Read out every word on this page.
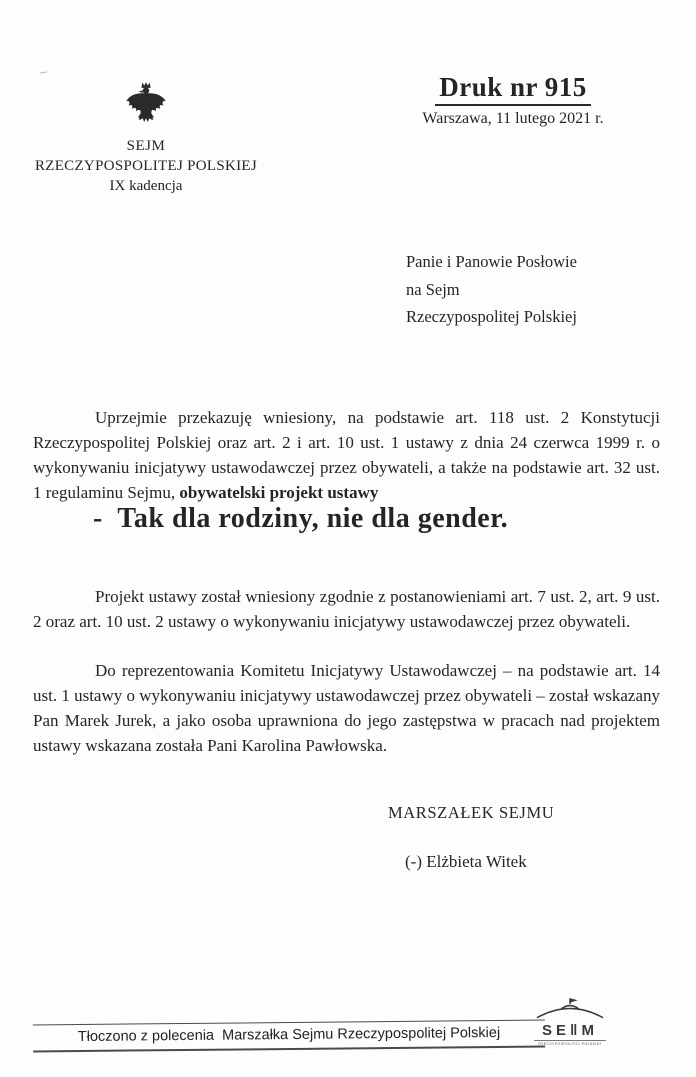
SEJM
RZECZYPOSPOLITEJ POLSKIEJ
IX kadencja
Druk nr 915
Warszawa, 11 lutego 2021 r.
Panie i Panowie Posłowie
na Sejm
Rzeczypospolitej Polskiej

Uprzejmie przekazuję wniesiony, na podstawie art. 118 ust. 2 Konstytucji Rzeczypospolitej Polskiej oraz art. 2 i art. 10 ust. 1 ustawy z dnia 24 czerwca 1999 r. o wykonywaniu inicjatywy ustawodawczej przez obywateli, a także na podstawie art. 32 ust. 1 regulaminu Sejmu, obywatelski projekt ustawy

-  Tak dla rodziny, nie dla gender.

Projekt ustawy został wniesiony zgodnie z postanowieniami art. 7 ust. 2, art. 9 ust. 2 oraz art. 10 ust. 2 ustawy o wykonywaniu inicjatywy ustawodawczej przez obywateli.

Do reprezentowania Komitetu Inicjatywy Ustawodawczej – na podstawie art. 14 ust. 1 ustawy o wykonywaniu inicjatywy ustawodawczej przez obywateli – został wskazany Pan Marek Jurek, a jako osoba uprawniona do jego zastępstwa w pracach nad projektem ustawy wskazana została Pani Karolina Pawłowska.

MARSZAŁEK SEJMU
(-) Elżbieta Witek
Tłoczono z polecenia  Marszałka Sejmu Rzeczypospolitej Polskiej	SE‖M
RZECZYPOSPOLITEJ POLSKIEJ
